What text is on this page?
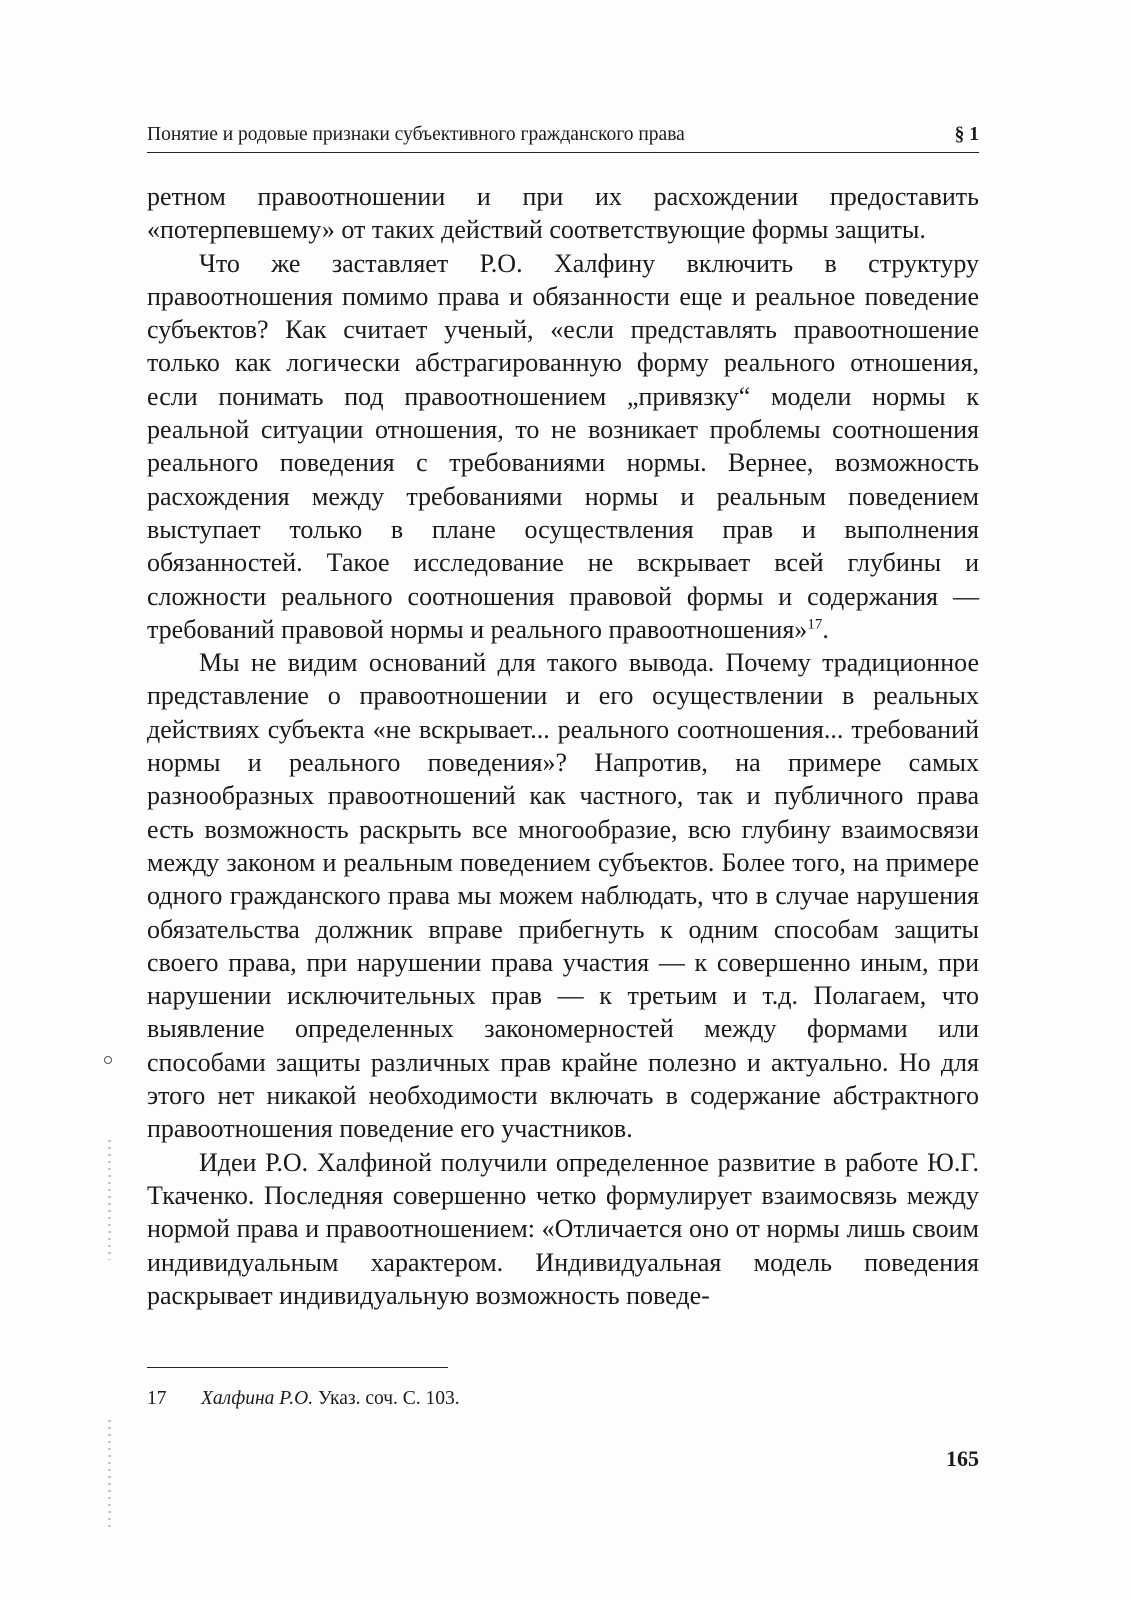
Понятие и родовые признаки субъективного гражданского права	§ 1

ретном правоотношении и при их расхождении предоставить «потерпевшему» от таких действий соответствующие формы защиты.

Что же заставляет Р.О. Халфину включить в структуру правоотношения помимо права и обязанности еще и реальное поведение субъектов? Как считает ученый, «если представлять правоотношение только как логически абстрагированную форму реального отношения, если понимать под правоотношением „привязку“ модели нормы к реальной ситуации отношения, то не возникает проблемы соотношения реального поведения с требованиями нормы. Вернее, возможность расхождения между требованиями нормы и реальным поведением выступает только в плане осуществления прав и выполнения обязанностей. Такое исследование не вскрывает всей глубины и сложности реального соотношения правовой формы и содержания — требований правовой нормы и реального правоотношения»$^{17}$.

Мы не видим оснований для такого вывода. Почему традиционное представление о правоотношении и его осуществлении в реальных действиях субъекта «не вскрывает... реального соотношения... требований нормы и реального поведения»? Напротив, на примере самых разнообразных правоотношений как частного, так и публичного права есть возможность раскрыть все многообразие, всю глубину взаимосвязи между законом и реальным поведением субъектов. Более того, на примере одного гражданского права мы можем наблюдать, что в случае нарушения обязательства должник вправе прибегнуть к одним способам защиты своего права, при нарушении права участия — к совершенно иным, при нарушении исключительных прав — к третьим и т.д. Полагаем, что выявление определенных закономерностей между формами или способами защиты различных прав крайне полезно и актуально. Но для этого нет никакой необходимости включать в содержание абстрактного правоотношения поведение его участников.

Идеи Р.О. Халфиной получили определенное развитие в работе Ю.Г. Ткаченко. Последняя совершенно четко формулирует взаимосвязь между нормой права и правоотношением: «Отличается оно от нормы лишь своим индивидуальным характером. Индивидуальная модель поведения раскрывает индивидуальную возможность поведе-

17 Халфина Р.О. Указ. соч. С. 103.
165
